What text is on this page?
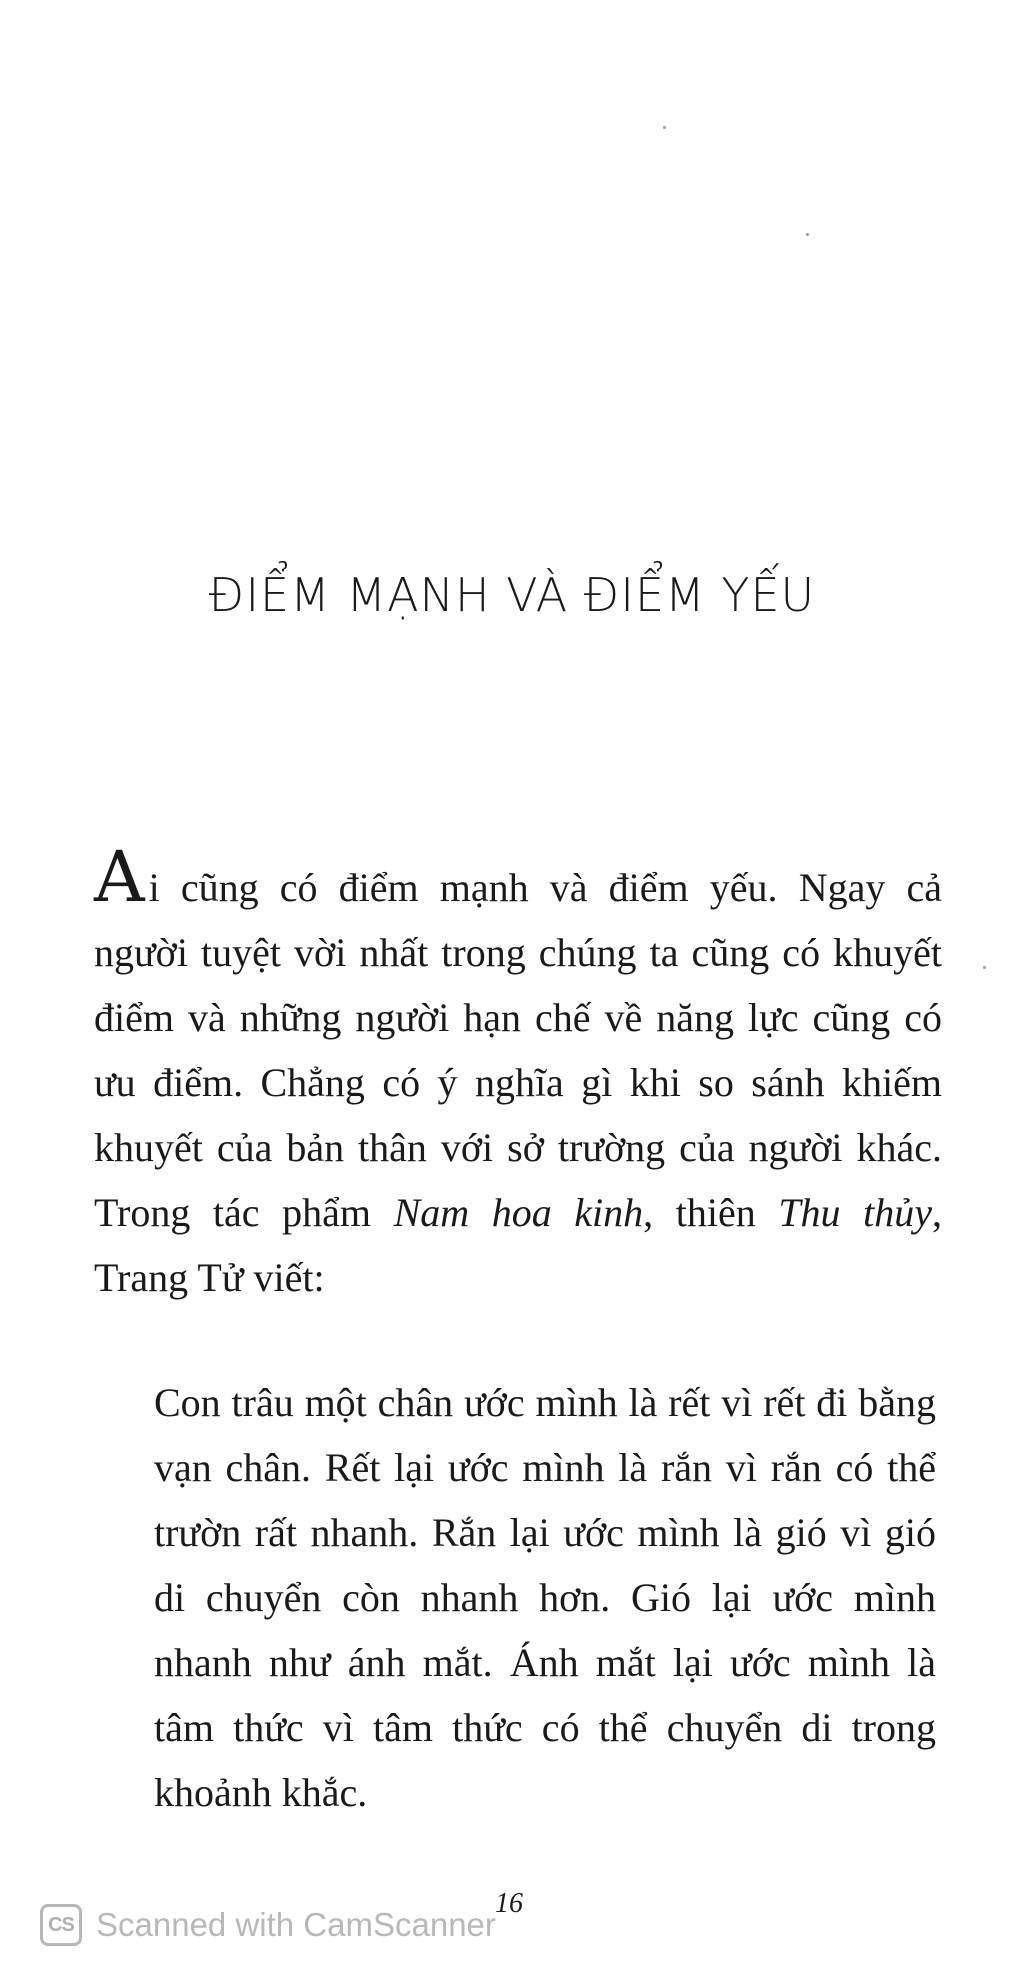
ĐIỂM MẠNH VÀ ĐIỂM YẾU

Ai cũng có điểm mạnh và điểm yếu. Ngay cả người tuyệt vời nhất trong chúng ta cũng có khuyết điểm và những người hạn chế về năng lực cũng có ưu điểm. Chẳng có ý nghĩa gì khi so sánh khiếm khuyết của bản thân với sở trường của người khác. Trong tác phẩm Nam hoa kinh, thiên Thu thủy, Trang Tử viết:

Con trâu một chân ước mình là rết vì rết đi bằng vạn chân. Rết lại ước mình là rắn vì rắn có thể trườn rất nhanh. Rắn lại ước mình là gió vì gió di chuyển còn nhanh hơn. Gió lại ước mình nhanh như ánh mắt. Ánh mắt lại ước mình là tâm thức vì tâm thức có thể chuyển di trong khoảnh khắc.

16
CS Scanned with CamScanner
